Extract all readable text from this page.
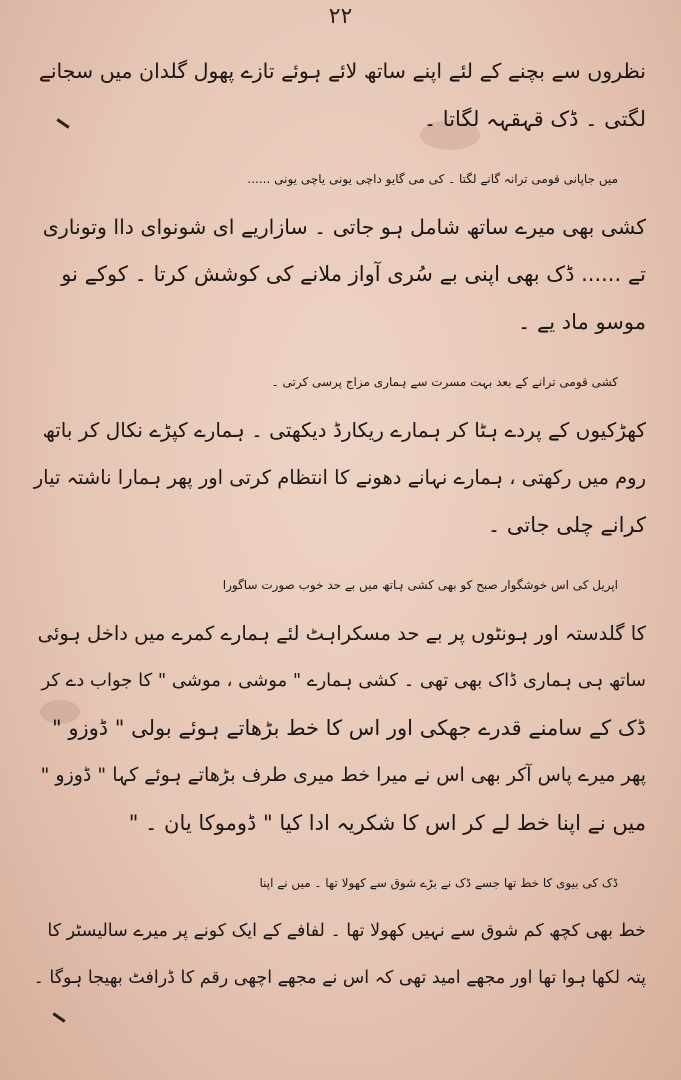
۲۲

نظروں سے بچنے کے لئے اپنے ساتھ لائے ہوئے تازے پھول گلدان میں سجانے
لگتی ۔ ڈک قہقہہ لگاتا ۔

میں جاپانی قومی ترانہ گانے لگتا ۔ کی می گایو داچی یونی یاچی یونی ......
کشی بھی میرے ساتھ شامل ہو جاتی ۔ سازاریے ای شونوای داا وتوناری
تے ...... ڈک بھی اپنی بے سُری آواز ملانے کی کوشش کرتا ۔ کوکے نو
موسو ماد یے ۔

کشی قومی ترانے کے بعد بہت مسرت سے ہماری مزاج پرسی کرتی ۔
کھڑکیوں کے پردے ہٹا کر ہمارے ریکارڈ دیکھتی ۔ ہمارے کپڑے نکال کر باتھ
روم میں رکھتی ، ہمارے نہانے دھونے کا انتظام کرتی اور پھر ہمارا ناشتہ تیار
کرانے چلی جاتی ۔

اپریل کی اس خوشگوار صبح کو بھی کشی ہاتھ میں بے حد خوب صورت ساگورا
کا گلدستہ اور ہونٹوں پر بے حد مسکراہٹ لئے ہمارے کمرے میں داخل ہوئی
ساتھ ہی ہماری ڈاک بھی تھی ۔ کشی ہمارے " موشی ، موشی " کا جواب دے کر
ڈک کے سامنے قدرے جھکی اور اس کا خط بڑھاتے ہوئے بولی " ڈوزو "
پھر میرے پاس آکر بھی اس نے میرا خط میری طرف بڑھاتے ہوئے کہا " ڈوزو "
میں نے اپنا خط لے کر اس کا شکریہ ادا کیا " ڈوموکا یان ۔ "

ڈک کی بیوی کا خط تھا جسے ڈک نے بڑے شوق سے کھولا تھا ۔ میں نے اپنا
خط بھی کچھ کم شوق سے نہیں کھولا تھا ۔ لفافے کے ایک کونے پر میرے سالیسٹر کا
پتہ لکھا ہوا تھا اور مجھے امید تھی کہ اس نے مجھے اچھی رقم کا ڈرافٹ بھیجا ہوگا ۔
